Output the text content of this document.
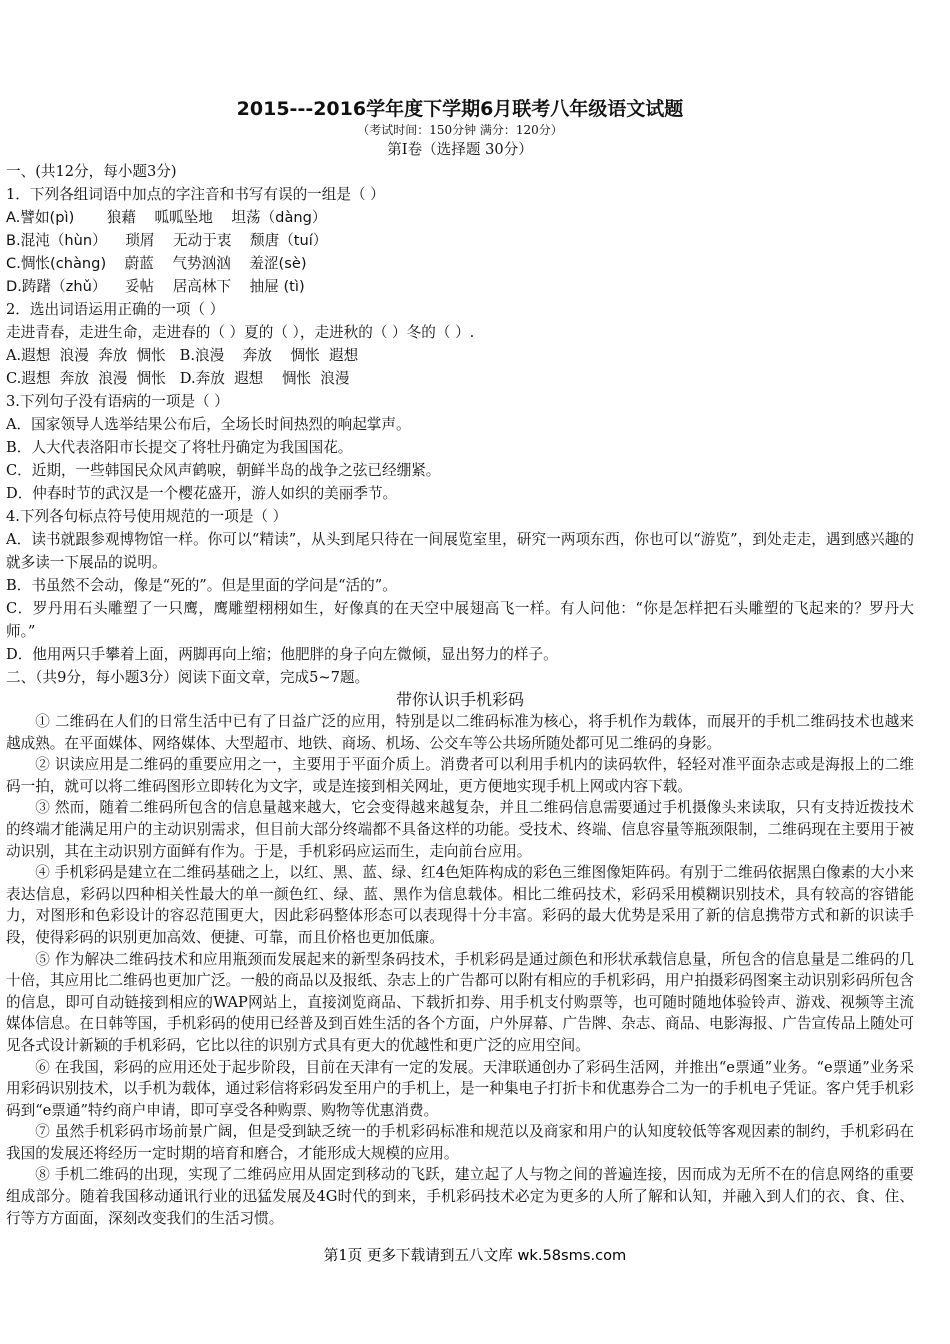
2015---2016学年度下学期6月联考八年级语文试题

（考试时间：150分钟 满分：120分）

第Ⅰ卷（选择题 30分）

一、(共12分，每小题3分)

1．下列各组词语中加点的字注音和书写有误的一组是（ ）

A.譬如(pì)       狼藉    呱呱坠地    坦荡（dàng）

B.混沌（hùn）    琐屑    无动于衷    颓唐（tuí）

C.惆怅(chàng)    蔚蓝    气势汹汹    羞涩(sè)

D.踌躇（zhǔ）    妥帖    居高林下    抽屉 (tì)

2．选出词语运用正确的一项（ ）

走进青春，走进生命，走进春的（ ）夏的（ ），走进秋的（ ）冬的（ ）.

A.遐想  浪漫  奔放  惆怅   B.浪漫    奔放    惆怅  遐想

C.遐想  奔放  浪漫  惆怅   D.奔放  遐想    惆怅  浪漫

3.下列句子没有语病的一项是（ ）

A．国家领导人选举结果公布后，全场长时间热烈的响起掌声。

B．人大代表洛阳市长提交了将牡丹确定为我国国花。

C．近期，一些韩国民众风声鹤唳，朝鲜半岛的战争之弦已经绷紧。

D．仲春时节的武汉是一个樱花盛开，游人如织的美丽季节。

4.下列各句标点符号使用规范的一项是（ ）

A．读书就跟参观博物馆一样。你可以“精读”，从头到尾只待在一间展览室里，研究一两项东西，你也可以“游览”，到处走走，遇到感兴趣的就多读一下展品的说明。

B．书虽然不会动，像是“死的”。但是里面的学问是“活的”。

C．罗丹用石头雕塑了一只鹰，鹰雕塑栩栩如生，好像真的在天空中展翅高飞一样。有人问他：“你是怎样把石头雕塑的飞起来的？罗丹大师。”

D．他用两只手攀着上面，两脚再向上缩；他肥胖的身子向左微倾，显出努力的样子。

二、（共9分，每小题3分）阅读下面文章，完成5~7题。

带你认识手机彩码

① 二维码在人们的日常生活中已有了日益广泛的应用，特别是以二维码标准为核心，将手机作为载体，而展开的手机二维码技术也越来越成熟。在平面媒体、网络媒体、大型超市、地铁、商场、机场、公交车等公共场所随处都可见二维码的身影。

② 识读应用是二维码的重要应用之一，主要用于平面介质上。消费者可以利用手机内的读码软件，轻轻对准平面杂志或是海报上的二维码一拍，就可以将二维码图形立即转化为文字，或是连接到相关网址，更方便地实现手机上网或内容下载。

③ 然而，随着二维码所包含的信息量越来越大，它会变得越来越复杂，并且二维码信息需要通过手机摄像头来读取，只有支持近拨技术的终端才能满足用户的主动识别需求，但目前大部分终端都不具备这样的功能。受技术、终端、信息容量等瓶颈限制，二维码现在主要用于被动识别，其在主动识别方面鲜有作为。于是，手机彩码应运而生，走向前台应用。

④ 手机彩码是建立在二维码基础之上，以红、黑、蓝、绿、红4色矩阵构成的彩色三维图像矩阵码。有别于二维码依据黑白像素的大小来表达信息，彩码以四种相关性最大的单一颜色红、绿、蓝、黑作为信息载体。相比二维码技术，彩码采用模糊识别技术，具有较高的容错能力，对图形和色彩设计的容忍范围更大，因此彩码整体形态可以表现得十分丰富。彩码的最大优势是采用了新的信息携带方式和新的识读手段，使得彩码的识别更加高效、便捷、可靠，而且价格也更加低廉。

⑤ 作为解决二维码技术和应用瓶颈而发展起来的新型条码技术，手机彩码是通过颜色和形状承载信息量，所包含的信息量是二维码的几十倍，其应用比二维码也更加广泛。一般的商品以及报纸、杂志上的广告都可以附有相应的手机彩码，用户拍摄彩码图案主动识别彩码所包含的信息，即可自动链接到相应的WAP网站上，直接浏览商品、下载折扣券、用手机支付购票等，也可随时随地体验铃声、游戏、视频等主流媒体信息。在日韩等国，手机彩码的使用已经普及到百姓生活的各个方面，户外屏幕、广告牌、杂志、商品、电影海报、广告宣传品上随处可见各式设计新颖的手机彩码，它比以往的识别方式具有更大的优越性和更广泛的应用空间。

⑥ 在我国，彩码的应用还处于起步阶段，目前在天津有一定的发展。天津联通创办了彩码生活网，并推出“e票通”业务。“e票通”业务采用彩码识别技术，以手机为载体，通过彩信将彩码发至用户的手机上，是一种集电子打折卡和优惠券合二为一的手机电子凭证。客户凭手机彩码到“e票通”特约商户申请，即可享受各种购票、购物等优惠消费。

⑦ 虽然手机彩码市场前景广阔，但是受到缺乏统一的手机彩码标准和规范以及商家和用户的认知度较低等客观因素的制约，手机彩码在我国的发展还将经历一定时期的培育和磨合，才能形成大规模的应用。

⑧ 手机二维码的出现，实现了二维码应用从固定到移动的飞跃，建立起了人与物之间的普遍连接，因而成为无所不在的信息网络的重要组成部分。随着我国移动通讯行业的迅猛发展及4G时代的到来，手机彩码技术必定为更多的人所了解和认知，并融入到人们的衣、食、住、行等方方面面，深刻改变我们的生活习惯。

第1页 更多下载请到五八文库 wk.58sms.com
